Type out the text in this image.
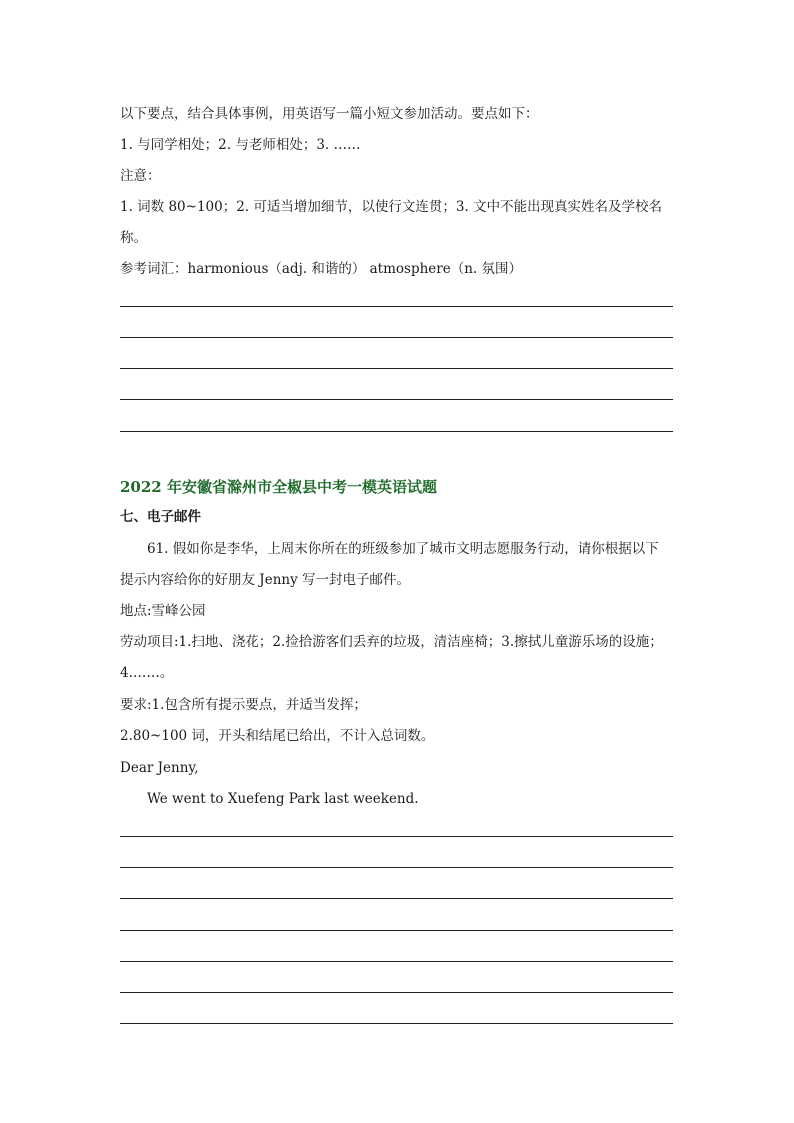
以下要点，结合具体事例，用英语写一篇小短文参加活动。要点如下：
1. 与同学相处；2. 与老师相处；3. ……
注意：
1. 词数 80~100；2. 可适当增加细节，以使行文连贯；3. 文中不能出现真实姓名及学校名
称。
参考词汇：harmonious（adj. 和谐的） atmosphere（n. 氛围）
2022 年安徽省滁州市全椒县中考一模英语试题
七、电子邮件
61. 假如你是李华，上周末你所在的班级参加了城市文明志愿服务行动，请你根据以下
提示内容给你的好朋友 Jenny 写一封电子邮件。
地点:雪峰公园
劳动项目:1.扫地、浇花；2.捡拾游客们丢弃的垃圾，清洁座椅；3.擦拭儿童游乐场的设施；
4.……。
要求:1.包含所有提示要点，并适当发挥；
2.80~100 词，开头和结尾已给出，不计入总词数。
Dear Jenny,
We went to Xuefeng Park last weekend.
